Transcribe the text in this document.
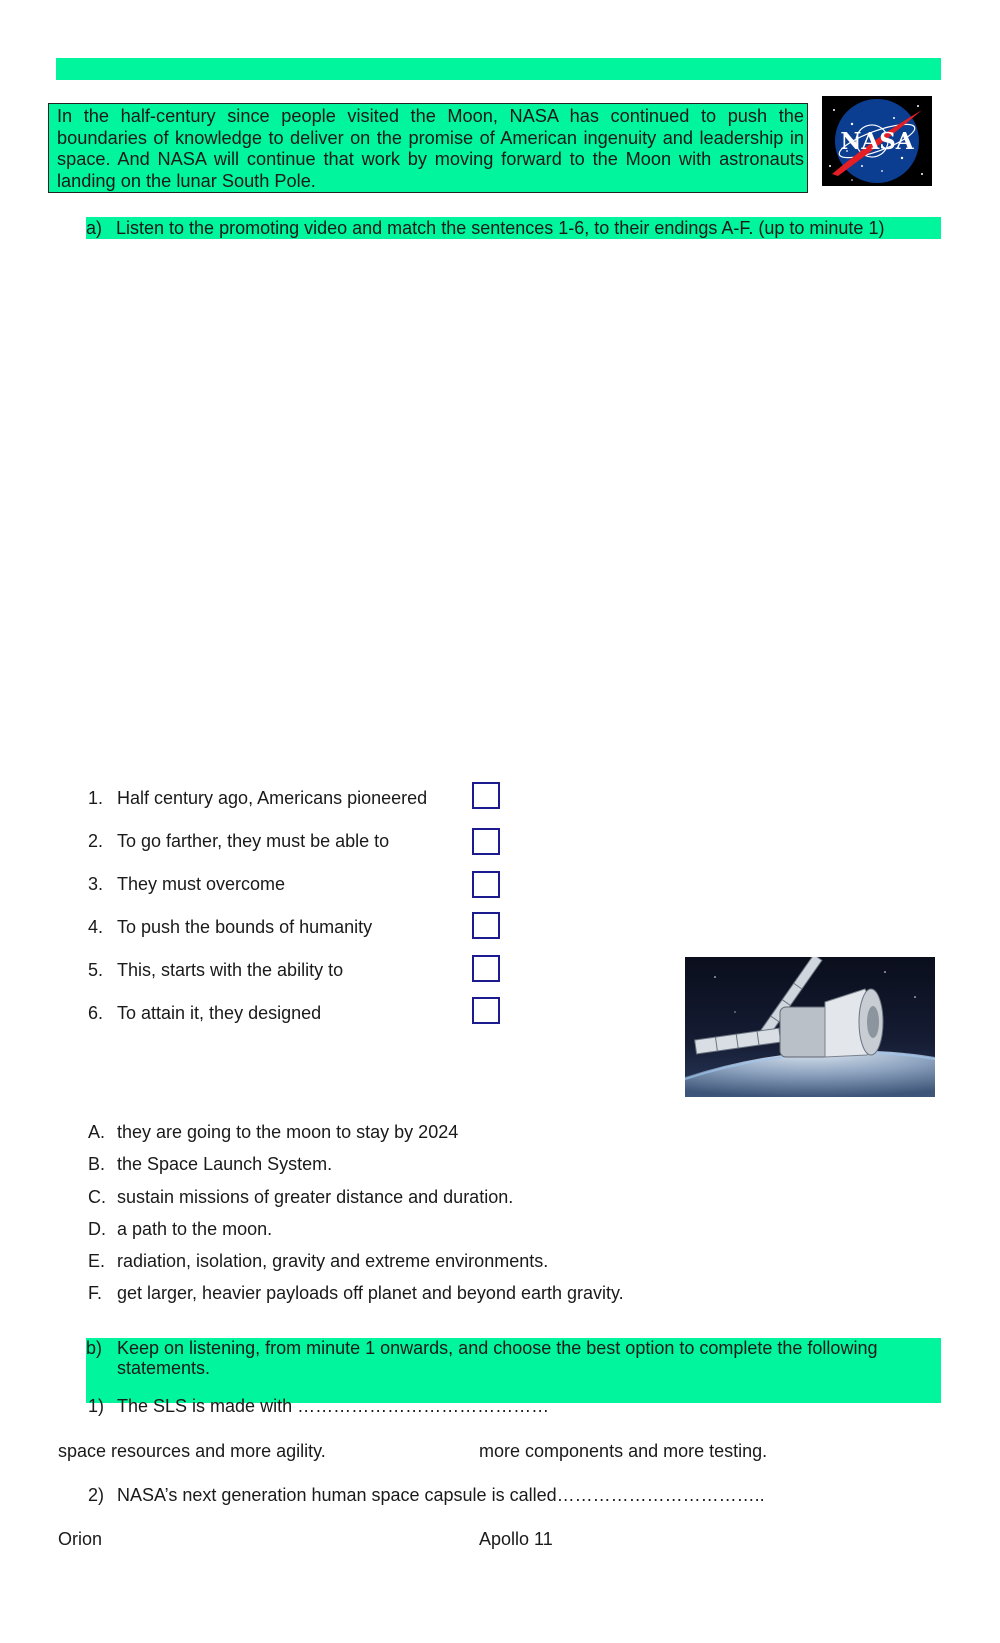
In the half-century since people visited the Moon, NASA has continued to push the boundaries of knowledge to deliver on the promise of American ingenuity and leadership in space. And NASA will continue that work by moving forward to the Moon with astronauts landing on the lunar South Pole.
NASA
a) Listen to the promoting video and match the sentences 1-6, to their endings A-F. (up to minute 1)
1. Half century ago, Americans pioneered
2. To go farther, they must be able to
3. They must overcome
4. To push the bounds of humanity
5. This, starts with the ability to
6. To attain it, they designed
A. they are going to the moon to stay by 2024
B. the Space Launch System.
C. sustain missions of greater distance and duration.
D. a path to the moon.
E. radiation, isolation, gravity and extreme environments.
F. get larger, heavier payloads off planet and beyond earth gravity.
b) Keep on listening, from minute 1 onwards, and choose the best option to complete the following statements.
1) The SLS is made with ……………………………………
space resources and more agility.	more components and more testing.
2) NASA’s next generation human space capsule is called……………………………..
Orion	Apollo 11
